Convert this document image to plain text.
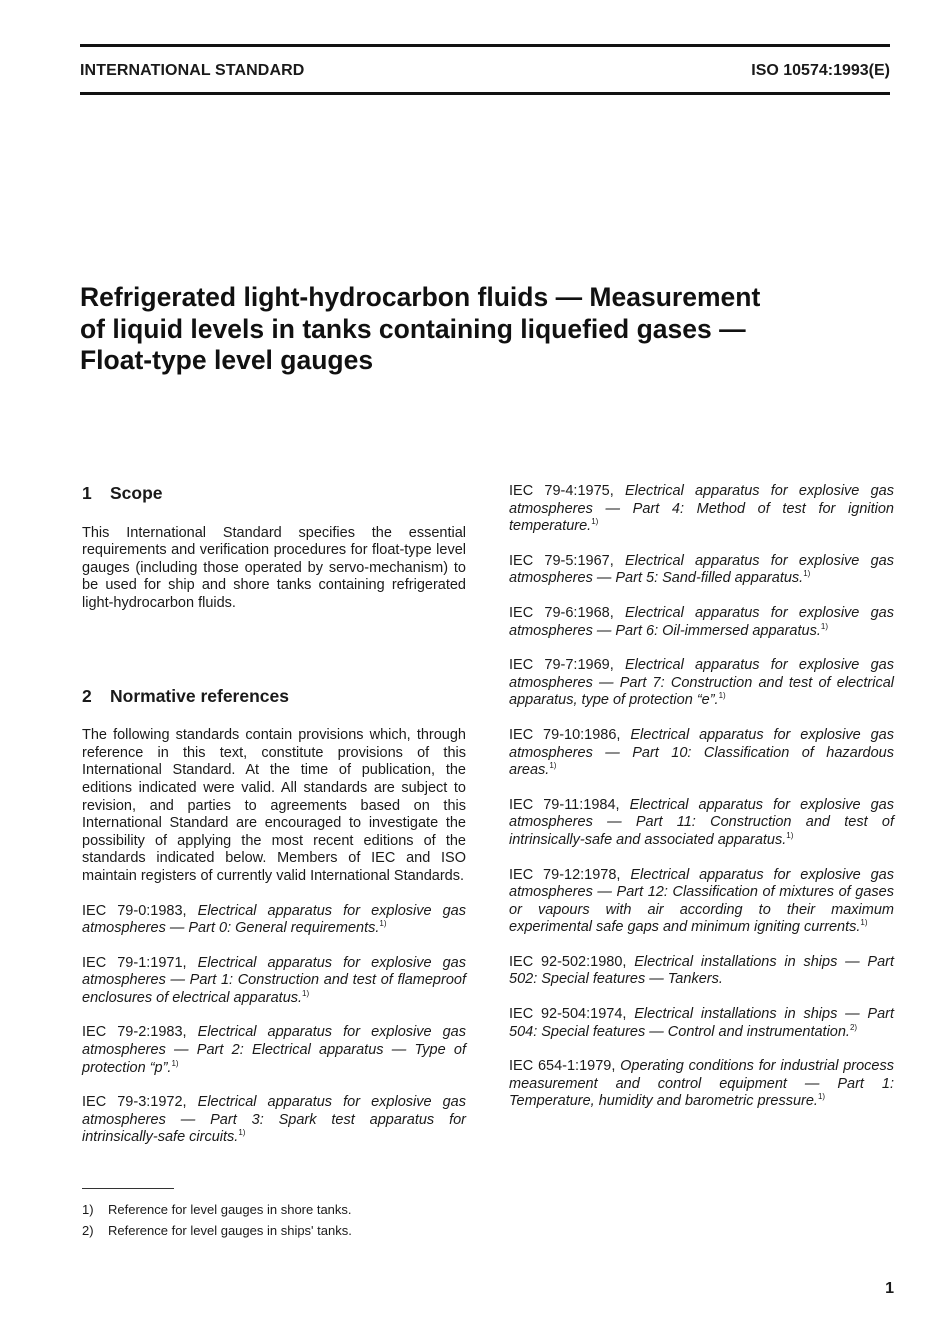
INTERNATIONAL STANDARD	ISO 10574:1993(E)
Refrigerated light-hydrocarbon fluids — Measurement
of liquid levels in tanks containing liquefied gases —
Float-type level gauges
1 Scope

This International Standard specifies the essential requirements and verification procedures for float-type level gauges (including those operated by servo-mechanism) to be used for ship and shore tanks containing refrigerated light-hydrocarbon fluids.

2 Normative references

The following standards contain provisions which, through reference in this text, constitute provisions of this International Standard. At the time of publication, the editions indicated were valid. All standards are subject to revision, and parties to agreements based on this International Standard are encouraged to investigate the possibility of applying the most recent editions of the standards indicated below. Members of IEC and ISO maintain registers of currently valid International Standards.

IEC 79-0:1983, Electrical apparatus for explosive gas atmospheres — Part 0: General requirements.$^{1)}$

IEC 79-1:1971, Electrical apparatus for explosive gas atmospheres — Part 1: Construction and test of flameproof enclosures of electrical apparatus.$^{1)}$

IEC 79-2:1983, Electrical apparatus for explosive gas atmospheres — Part 2: Electrical apparatus — Type of protection “p”.$^{1)}$

IEC 79-3:1972, Electrical apparatus for explosive gas atmospheres — Part 3: Spark test apparatus for intrinsically-safe circuits.$^{1)}$

IEC 79-4:1975, Electrical apparatus for explosive gas atmospheres — Part 4: Method of test for ignition temperature.$^{1)}$

IEC 79-5:1967, Electrical apparatus for explosive gas atmospheres — Part 5: Sand-filled apparatus.$^{1)}$

IEC 79-6:1968, Electrical apparatus for explosive gas atmospheres — Part 6: Oil-immersed apparatus.$^{1)}$

IEC 79-7:1969, Electrical apparatus for explosive gas atmospheres — Part 7: Construction and test of electrical apparatus, type of protection “e”.$^{1)}$

IEC 79-10:1986, Electrical apparatus for explosive gas atmospheres — Part 10: Classification of hazardous areas.$^{1)}$

IEC 79-11:1984, Electrical apparatus for explosive gas atmospheres — Part 11: Construction and test of intrinsically-safe and associated apparatus.$^{1)}$

IEC 79-12:1978, Electrical apparatus for explosive gas atmospheres — Part 12: Classification of mixtures of gases or vapours with air according to their maximum experimental safe gaps and minimum igniting currents.$^{1)}$

IEC 92-502:1980, Electrical installations in ships — Part 502: Special features — Tankers.

IEC 92-504:1974, Electrical installations in ships — Part 504: Special features — Control and instrumentation.$^{2)}$

IEC 654-1:1979, Operating conditions for industrial process measurement and control equipment — Part 1: Temperature, humidity and barometric pressure.$^{1)}$

1) Reference for level gauges in shore tanks.
2) Reference for level gauges in ships' tanks.
1
